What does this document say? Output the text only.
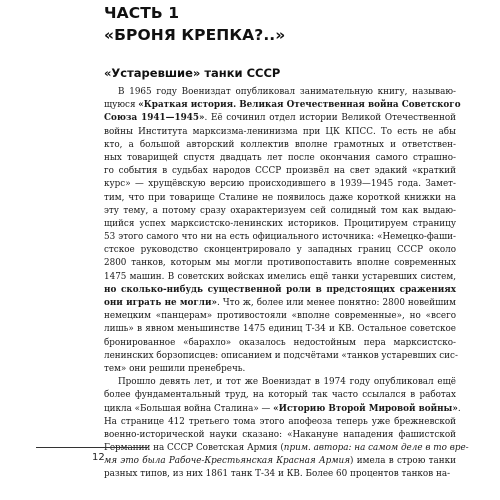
ЧАСТЬ 1
«БРОНЯ КРЕПКА?..»
«Устаревшие» танки СССР
В 1965 году Воениздат опубликовал занимательную книгу, называю-
щуюся «Краткая история. Великая Отечественная война Советского
Союза 1941—1945». Её сочинил отдел истории Великой Отечественной
войны Института марксизма-ленинизма при ЦК КПСС. То есть не абы
кто, а большой авторский коллектив вполне грамотных и ответствен-
ных товарищей спустя двадцать лет после окончания самого страшно-
го события в судьбах народов СССР произвёл на свет эдакий «краткий
курс» — хрущёвскую версию происходившего в 1939—1945 года. Замет-
тим, что при товарище Сталине не появилось даже короткой книжки на
эту тему, а потому сразу охарактеризуем сей солидный том как выдаю-
щийся успех марксистско-ленинских историков. Процитируем страницу
53 этого самого что ни на есть официального источника: «Немецко-фаши-
стское руководство сконцентрировало у западных границ СССР около
2800 танков, которым мы могли противопоставить вполне современных
1475 машин. В советских войсках имелись ещё танки устаревших систем,
но сколько-нибудь существенной роли в предстоящих сражениях
они играть не могли». Что ж, более или менее понятно: 2800 новейшим
немецким «панцерам» противостояли «вполне современные», но «всего
лишь» в явном меньшинстве 1475 единиц Т-34 и КВ. Остальное советское
бронированное «барахло» оказалось недостойным пера марксистско-
ленинских борзописцев: описанием и подсчётами «танков устаревших сис-
тем» они решили пренебречь.
Прошло девять лет, и тот же Воениздат в 1974 году опубликовал ещё
более фундаментальный труд, на который так часто ссылался в работах
цикла «Большая война Сталина» — «Историю Второй Мировой войны».
На странице 412 третьего тома этого апофеоза теперь уже брежневской
военно-исторической науки сказано: «Накануне нападения фашистской
Германии на СССР Советская Армия (прим. автора: на самом деле в то вре-
мя это была Рабоче-Крестьянская Красная Армия) имела в строю танки
разных типов, из них 1861 танк Т-34 и КВ. Более 60 процентов танков на-
12
